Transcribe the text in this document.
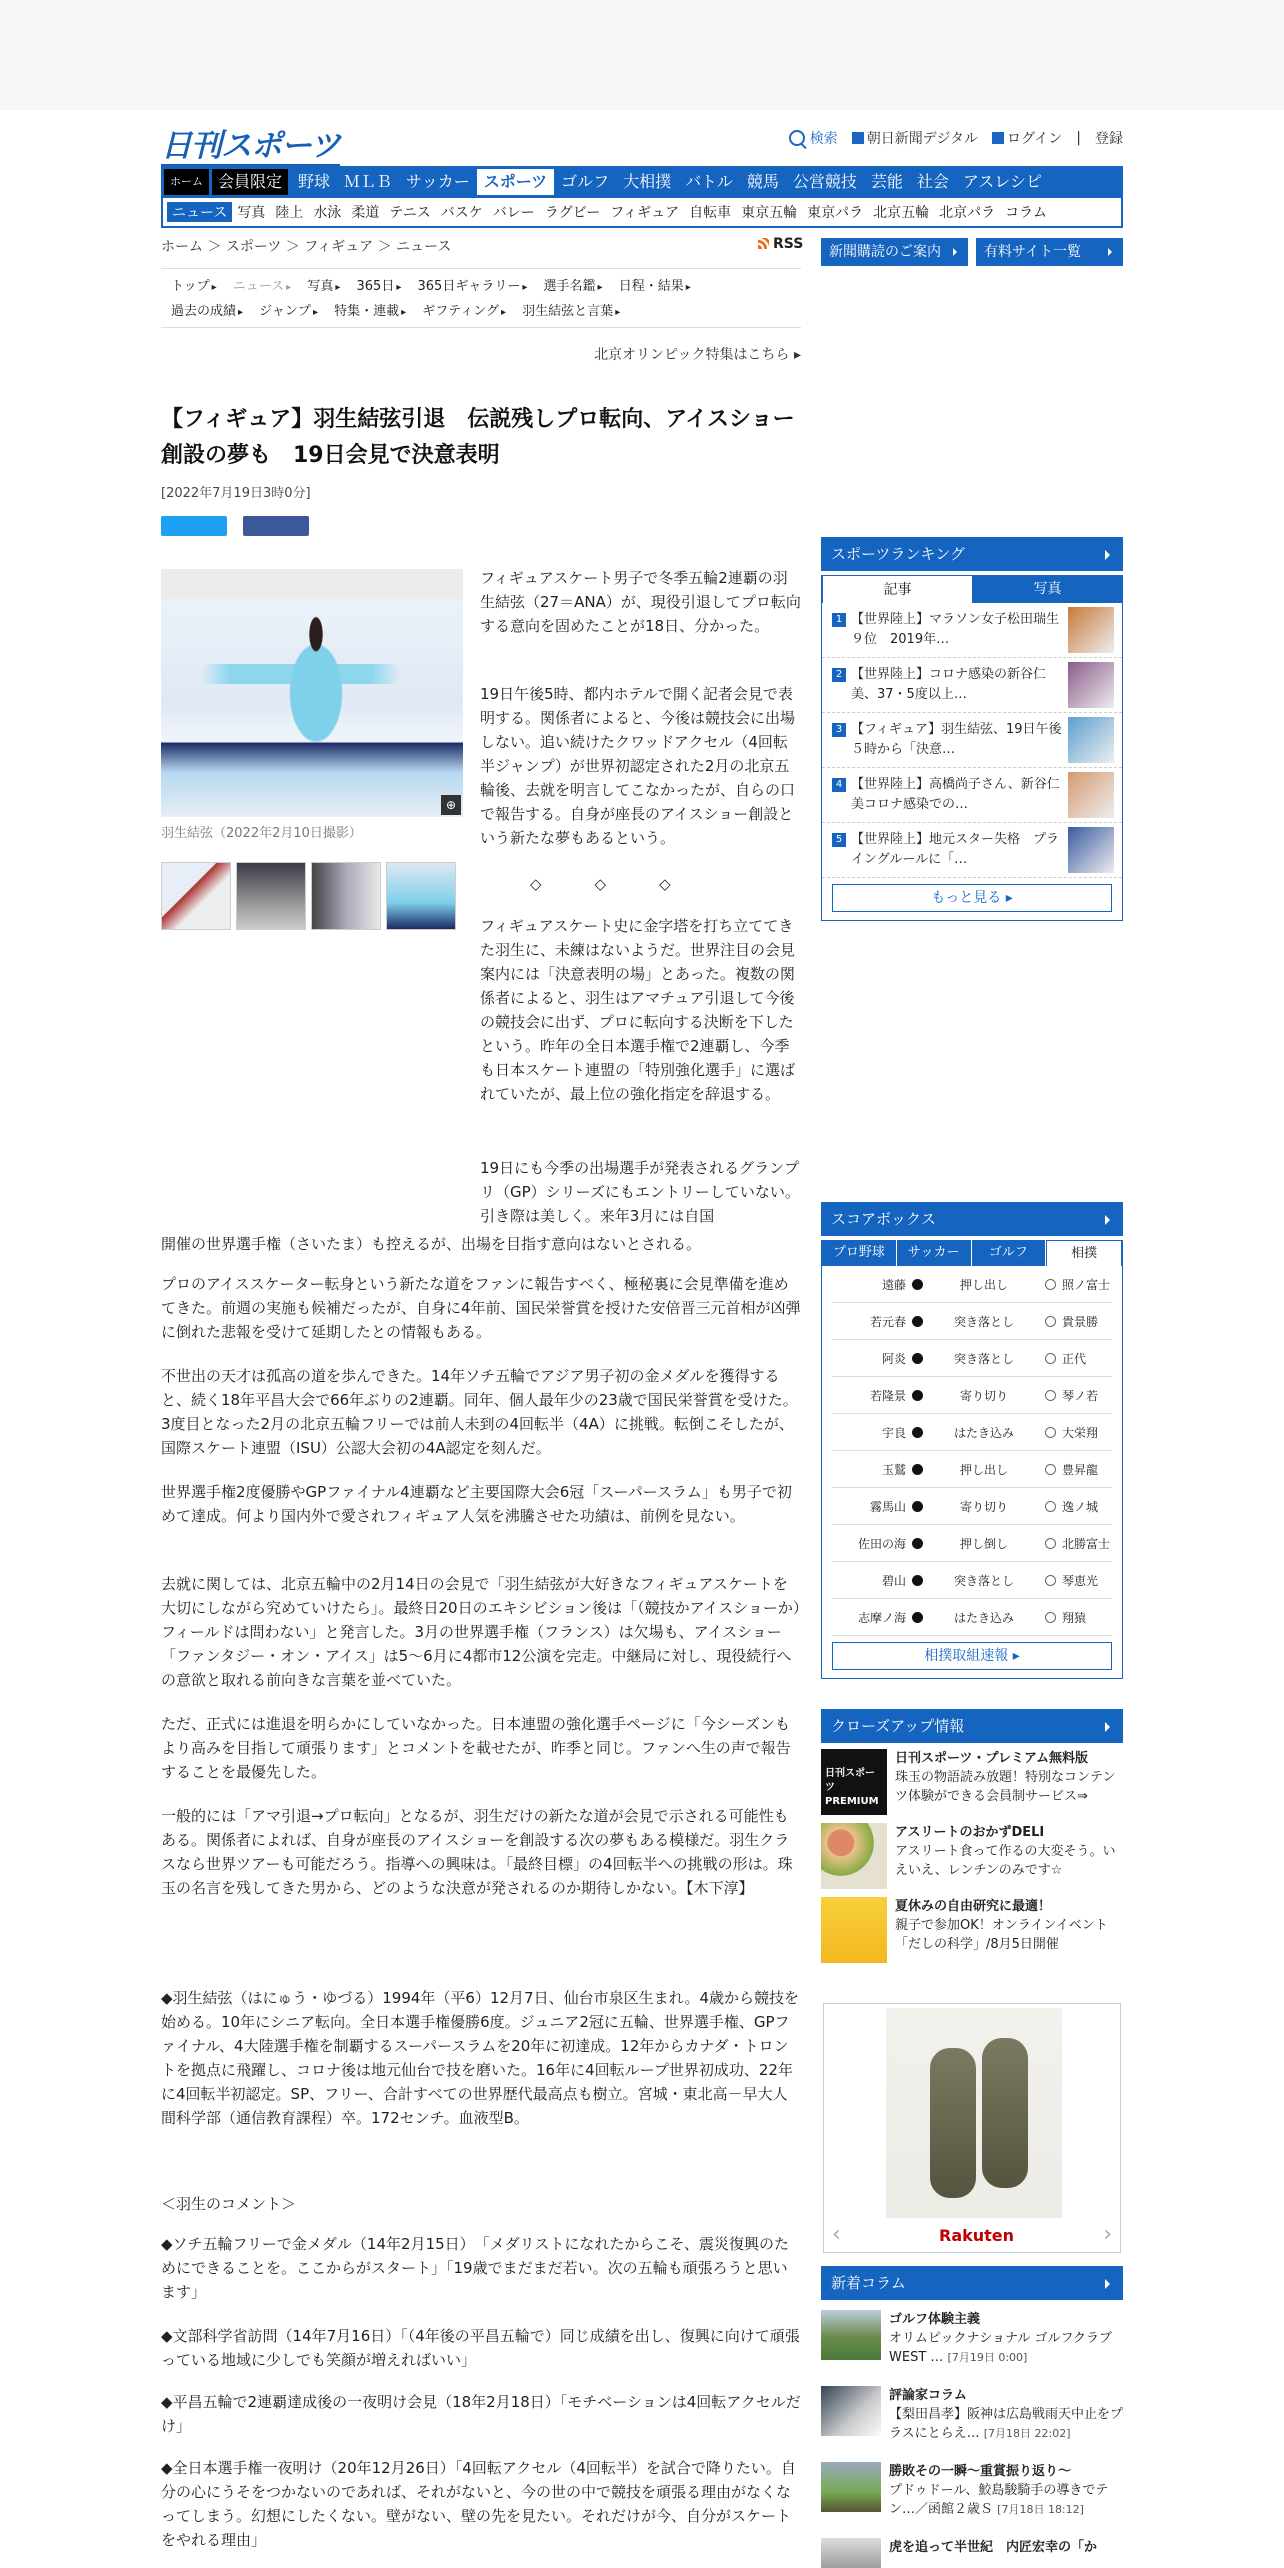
日刊スポーツ	検索	朝日新聞デジタル	ログイン | 登録
ホーム 会員限定	野球 ＭＬＢ サッカー スポーツ ゴルフ 大相撲 バトル 競馬 公営競技 芸能 社会 アスレシピ
ニュース 写真 陸上 水泳 柔道 テニス バスケ バレー ラグビー フィギュア 自転車 東京五輪 東京パラ 北京五輪 北京パラ コラム
ホーム ＞ スポーツ ＞ フィギュア ＞ ニュース	RSS	新聞購読のご案内	有料サイト一覧
トップ ▸ ニュース ▸ 写真 ▸ 365日 ▸ 365日ギャラリー ▸ 選手名鑑 ▸ 日程・結果 ▸
過去の成績 ▸ ジャンプ ▸ 特集・連載 ▸ ギフティング ▸ 羽生結弦と言葉 ▸
北京オリンピック特集はこちら ▸
【フィギュア】羽生結弦引退　伝説残しプロ転向、アイスショー創設の夢も　19日会見で決意表明
[2022年7月19日3時0分]
⊕
羽生結弦（2022年2月10日撮影）

フィギュアスケート男子で冬季五輪2連覇の羽生結弦（27＝ANA）が、現役引退してプロ転向する意向を固めたことが18日、分かった。

19日午後5時、都内ホテルで開く記者会見で表明する。関係者によると、今後は競技会に出場しない。追い続けたクワッドアクセル（4回転半ジャンプ）が世界初認定された2月の北京五輪後、去就を明言してこなかったが、自らの口で報告する。自身が座長のアイスショー創設という新たな夢もあるという。

◇　　　◇　　　◇

フィギュアスケート史に金字塔を打ち立ててきた羽生に、未練はないようだ。世界注目の会見案内には「決意表明の場」とあった。複数の関係者によると、羽生はアマチュア引退して今後の競技会に出ず、プロに転向する決断を下したという。昨年の全日本選手権で2連覇し、今季も日本スケート連盟の「特別強化選手」に選ばれていたが、最上位の強化指定を辞退する。

19日にも今季の出場選手が発表されるグランプリ（GP）シリーズにもエントリーしていない。引き際は美しく。来年3月には自国

開催の世界選手権（さいたま）も控えるが、出場を目指す意向はないとされる。

プロのアイススケーター転身という新たな道をファンに報告すべく、極秘裏に会見準備を進めてきた。前週の実施も候補だったが、自身に4年前、国民栄誉賞を授けた安倍晋三元首相が凶弾に倒れた悲報を受けて延期したとの情報もある。

不世出の天才は孤高の道を歩んできた。14年ソチ五輪でアジア男子初の金メダルを獲得すると、続く18年平昌大会で66年ぶりの2連覇。同年、個人最年少の23歳で国民栄誉賞を受けた。3度目となった2月の北京五輪フリーでは前人未到の4回転半（4A）に挑戦。転倒こそしたが、国際スケート連盟（ISU）公認大会初の4A認定を刻んだ。

世界選手権2度優勝やGPファイナル4連覇など主要国際大会6冠「スーパースラム」も男子で初めて達成。何より国内外で愛されフィギュア人気を沸騰させた功績は、前例を見ない。

去就に関しては、北京五輪中の2月14日の会見で「羽生結弦が大好きなフィギュアスケートを大切にしながら究めていけたら」。最終日20日のエキシビション後は「（競技かアイスショーか）フィールドは問わない」と発言した。3月の世界選手権（フランス）は欠場も、アイスショー「ファンタジー・オン・アイス」は5～6月に4都市12公演を完走。中継局に対し、現役続行への意欲と取れる前向きな言葉を並べていた。

ただ、正式には進退を明らかにしていなかった。日本連盟の強化選手ページに「今シーズンもより高みを目指して頑張ります」とコメントを載せたが、昨季と同じ。ファンへ生の声で報告することを最優先した。

一般的には「アマ引退→プロ転向」となるが、羽生だけの新たな道が会見で示される可能性もある。関係者によれば、自身が座長のアイスショーを創設する次の夢もある模様だ。羽生クラスなら世界ツアーも可能だろう。指導への興味は。「最終目標」の4回転半への挑戦の形は。珠玉の名言を残してきた男から、どのような決意が発されるのか期待しかない。【木下淳】

◆羽生結弦（はにゅう・ゆづる）1994年（平6）12月7日、仙台市泉区生まれ。4歳から競技を始める。10年にシニア転向。全日本選手権優勝6度。ジュニア2冠に五輪、世界選手権、GPファイナル、4大陸選手権を制覇するスーパースラムを20年に初達成。12年からカナダ・トロントを拠点に飛躍し、コロナ後は地元仙台で技を磨いた。16年に4回転ループ世界初成功、22年に4回転半初認定。SP、フリー、合計すべての世界歴代最高点も樹立。宮城・東北高－早大人間科学部（通信教育課程）卒。172センチ。血液型B。

＜羽生のコメント＞

◆ソチ五輪フリーで金メダル（14年2月15日）　「メダリストになれたからこそ、震災復興のためにできることを。ここからがスタート」「19歳でまだまだ若い。次の五輪も頑張ろうと思います」

◆文部科学省訪問（14年7月16日）「（4年後の平昌五輪で）同じ成績を出し、復興に向けて頑張っている地域に少しでも笑顔が増えればいい」

◆平昌五輪で2連覇達成後の一夜明け会見（18年2月18日）「モチベーションは4回転アクセルだけ」

◆全日本選手権一夜明け（20年12月26日）「4回転アクセル（4回転半）を試合で降りたい。自分の心にうそをつかないのであれば、それがないと、今の世の中で競技を頑張る理由がなくなってしまう。幻想にしたくない。壁がない、壁の先を見たい。それだけが今、自分がスケートをやれる理由」

スポーツランキング
記事	写真
1 【世界陸上】マラソン女子松田瑞生９位　2019年…
2 【世界陸上】コロナ感染の新谷仁美、37・5度以上…
3 【フィギュア】羽生結弦、19日午後５時から「決意…
4 【世界陸上】高橋尚子さん、新谷仁美コロナ感染での…
5 【世界陸上】地元スター失格　プライングルールに「…
もっと見る ▸
スコアボックス
プロ野球	サッカー	ゴルフ	相撲
遠藤	押し出し	照ノ富士
若元春	突き落とし	貴景勝
阿炎	突き落とし	正代
若隆景	寄り切り	琴ノ若
宇良	はたき込み	大栄翔
玉鷲	押し出し	豊昇龍
霧馬山	寄り切り	逸ノ城
佐田の海	押し倒し	北勝富士
碧山	突き落とし	琴恵光
志摩ノ海	はたき込み	翔猿
相撲取組速報 ▸
クローズアップ情報
日刊スポーツ PREMIUM
日刊スポーツ・プレミアム無料版
珠玉の物語読み放題！特別なコンテンツ体験ができる会員制サービス⇒
アスリートのおかずDELI
アスリート食って作るの大変そう。いえいえ、レンチンのみです☆
夏休みの自由研究に最適！
親子で参加OK！オンラインイベント「だしの科学」/8月5日開催
‹	Rakuten	›
新着コラム
ゴルフ体験主義
オリムピックナショナル ゴルフクラブ WEST … [7月19日 0:00]
評論家コラム
【梨田昌孝】阪神は広島戦雨天中止をプラスにとらえ… [7月18日 22:02]
勝敗その一瞬～重賞振り返り～
プドゥドール、鮫島駿騎手の導きでテン…／函館２歳Ｓ [7月18日 18:12]
虎を追って半世紀　内匠宏幸の「か
